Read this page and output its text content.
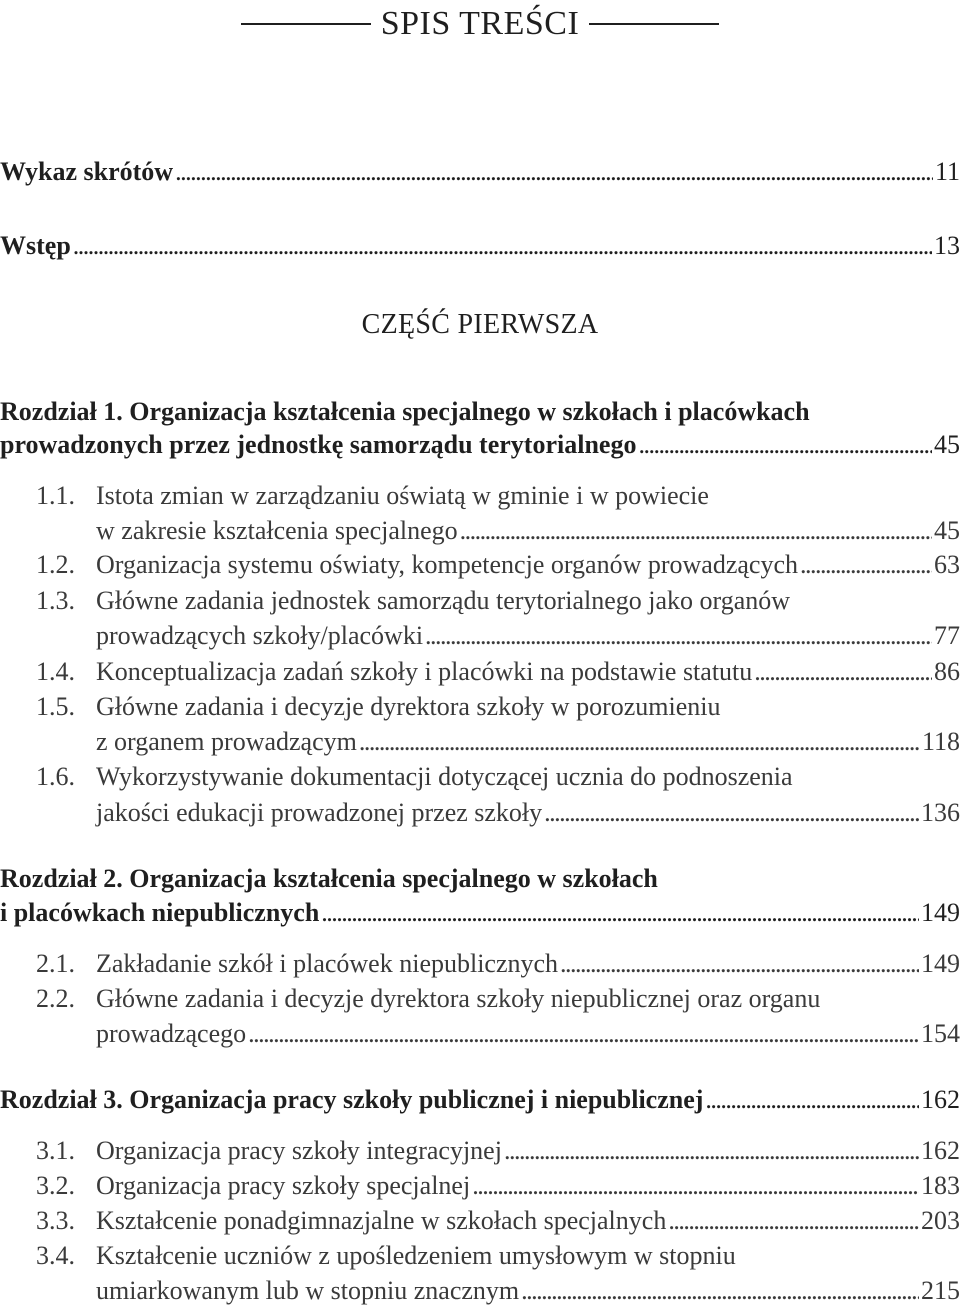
SPIS TREŚCI
Wykaz skrótów . . .	11
Wstęp . . .	13
CZĘŚĆ PIERWSZA
Rozdział 1. Organizacja kształcenia specjalnego w szkołach i placówkach
prowadzonych przez jednostkę samorządu terytorialnego . . .	45
1.1. Istota zmian w zarządzaniu oświatą w gminie i w powiecie
w zakresie kształcenia specjalnego . . .	45
1.2. Organizacja systemu oświaty, kompetencje organów prowadzących . . .	63
1.3. Główne zadania jednostek samorządu terytorialnego jako organów
prowadzących szkoły/placówki . . .	77
1.4. Konceptualizacja zadań szkoły i placówki na podstawie statutu . . .	86
1.5. Główne zadania i decyzje dyrektora szkoły w porozumieniu
z organem prowadzącym . . .	118
1.6. Wykorzystywanie dokumentacji dotyczącej ucznia do podnoszenia
jakości edukacji prowadzonej przez szkoły . . .	136
Rozdział 2. Organizacja kształcenia specjalnego w szkołach
i placówkach niepublicznych . . .	149
2.1. Zakładanie szkół i placówek niepublicznych . . .	149
2.2. Główne zadania i decyzje dyrektora szkoły niepublicznej oraz organu
prowadzącego . . .	154
Rozdział 3. Organizacja pracy szkoły publicznej i niepublicznej . . .	162
3.1. Organizacja pracy szkoły integracyjnej . . .	162
3.2. Organizacja pracy szkoły specjalnej . . .	183
3.3. Kształcenie ponadgimnazjalne w szkołach specjalnych . . .	203
3.4. Kształcenie uczniów z upośledzeniem umysłowym w stopniu
umiarkowanym lub w stopniu znacznym . . .	215
